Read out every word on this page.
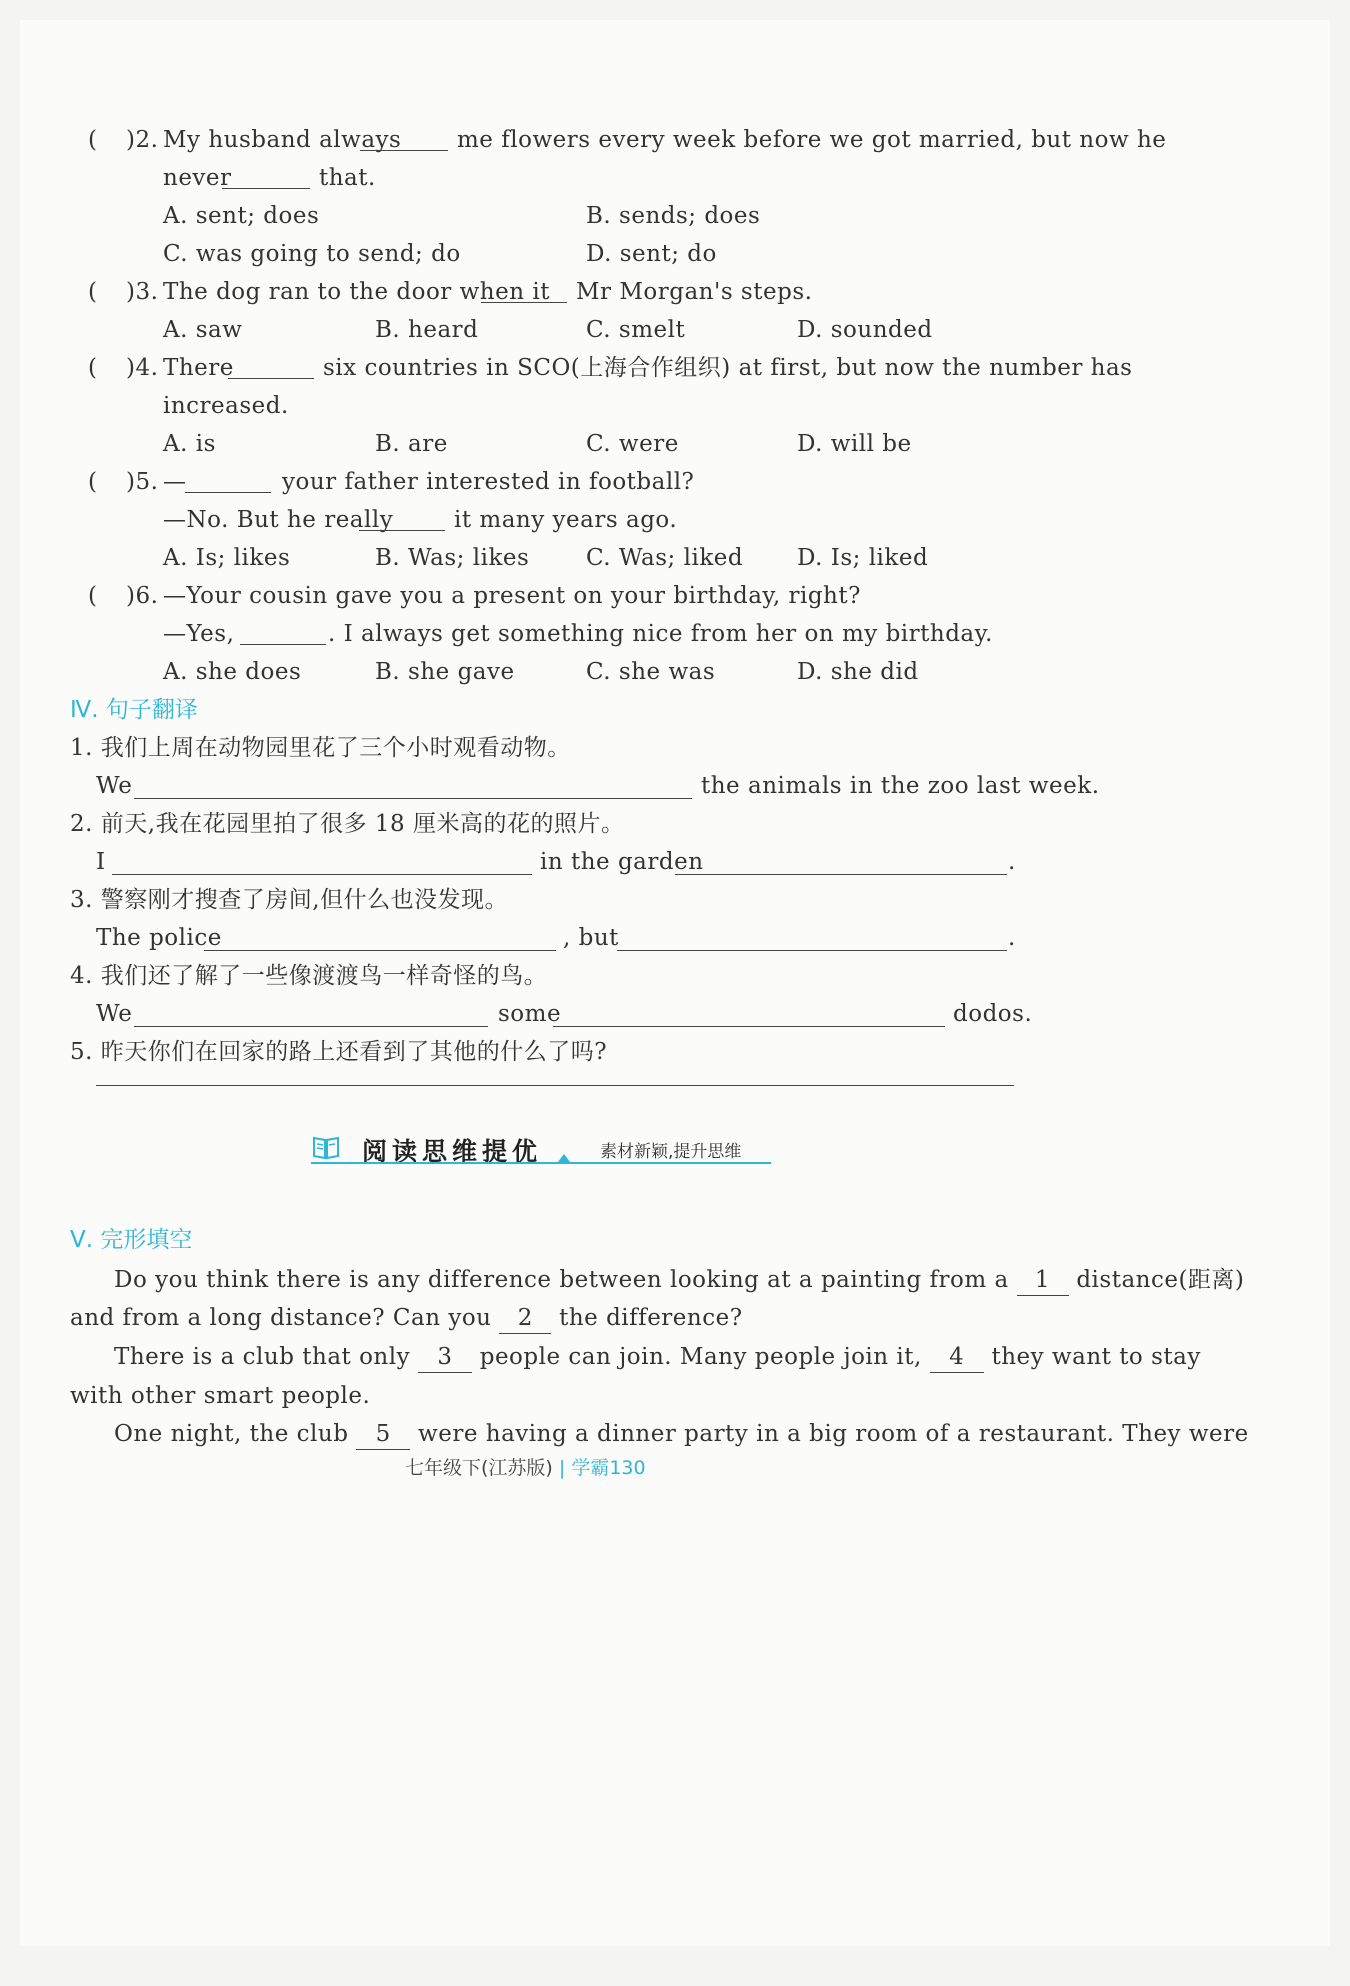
( )2. My husband always me flowers every week before we got married, but now he
never	that.
A. sent; does	B. sends; does
C. was going to send; do	D. sent; do
( )3. The dog ran to the door when it Mr Morgan's steps.
A. saw	B. heard	C. smelt	D. sounded
( )4. There	six countries in SCO(上海合作组织) at first, but now the number has
increased.
A. is	B. are	C. were	D. will be
( )5. —	your father interested in football?
—No. But he really	it many years ago.
A. Is; likes	B. Was; likes C. Was; liked D. Is; liked
( )6. —Your cousin gave you a present on your birthday, right?
—Yes,	. I always get something nice from her on my birthday.
A. she does	B. she gave	C. she was	D. she did
Ⅳ. 句子翻译
1. 我们上周在动物园里花了三个小时观看动物。
We	the animals in the zoo last week.
2. 前天,我在花园里拍了很多 18 厘米高的花的照片。
I	in the garden	.
3. 警察刚才搜查了房间,但什么也没发现。
The police	, but	.
4. 我们还了解了一些像渡渡鸟一样奇怪的鸟。
We	some	dodos.
5. 昨天你们在回家的路上还看到了其他的什么了吗?
阅读思维提优	素材新颖,提升思维
Ⅴ. 完形填空
Do you think there is any difference between looking at a painting from a 1 distance(距离)
and from a long distance? Can you 2 the difference?
There is a club that only 3 people can join. Many people join it, 4 they want to stay
with other smart people.
One night, the club 5 were having a dinner party in a big room of a restaurant. They were
七年级下(江苏版) | 学霸130
